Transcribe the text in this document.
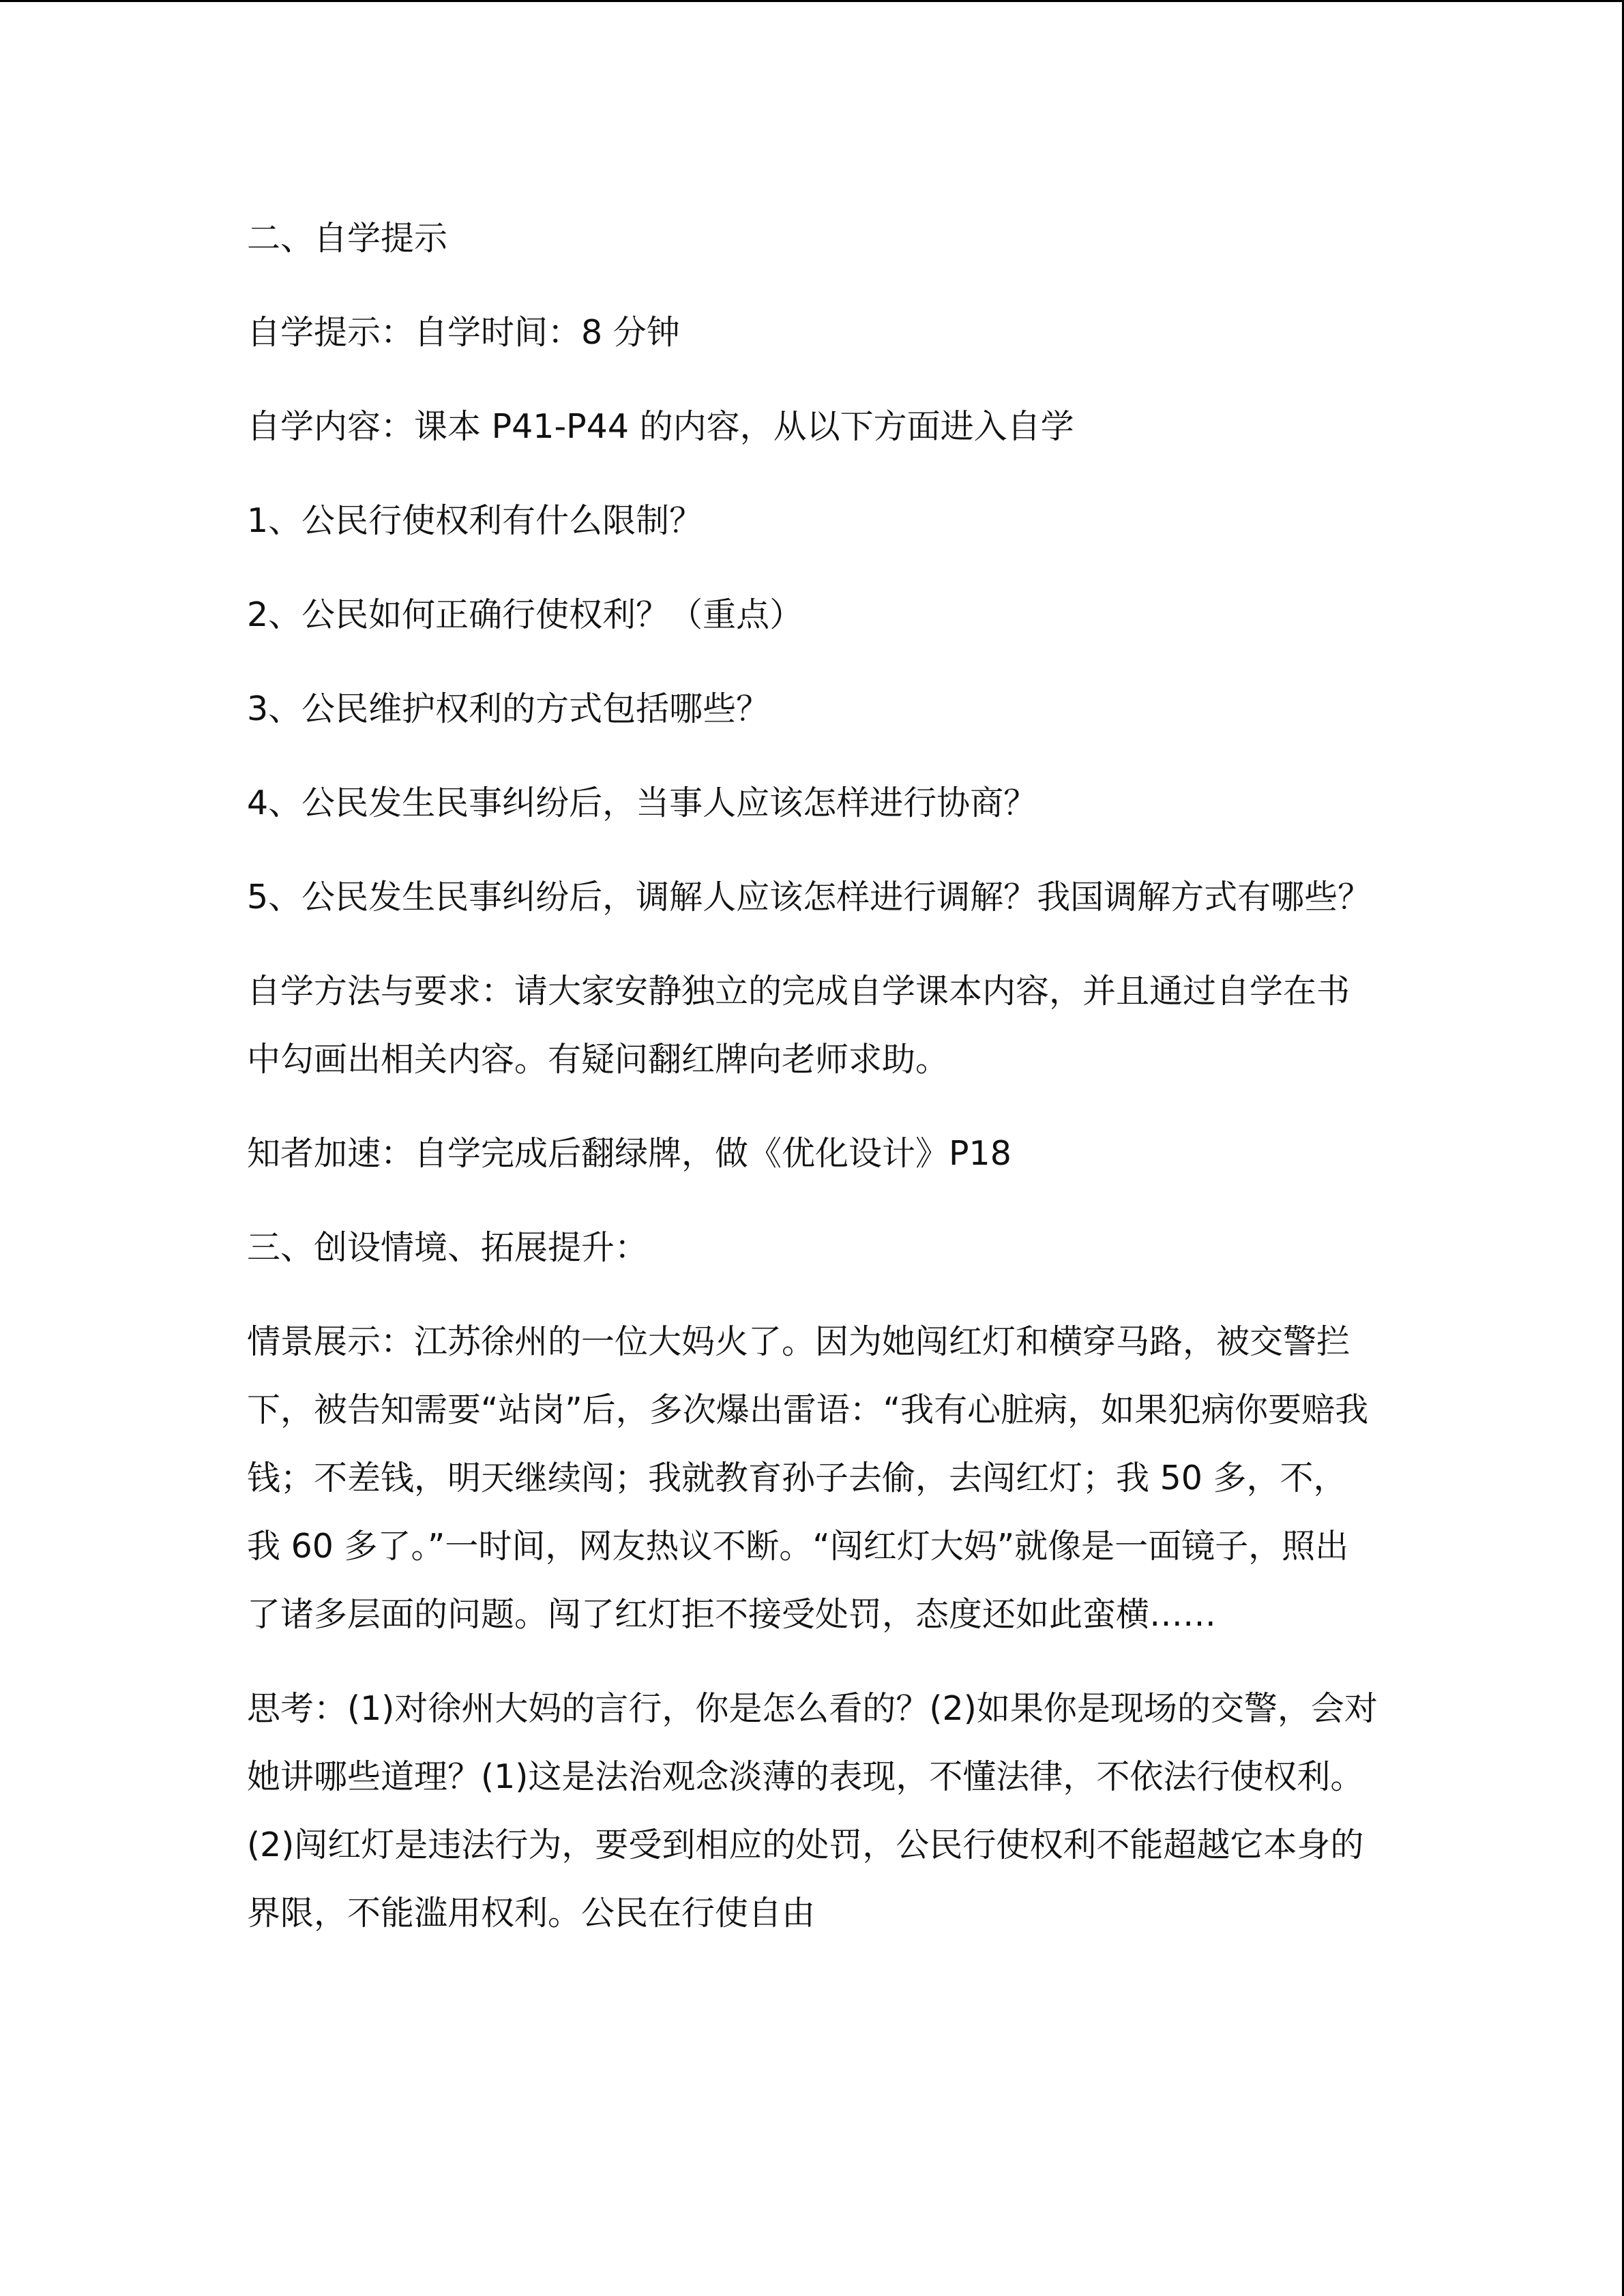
二、自学提示

自学提示：自学时间：8 分钟

自学内容：课本 P41-P44 的内容，从以下方面进入自学

1、公民行使权利有什么限制？

2、公民如何正确行使权利？（重点）

3、公民维护权利的方式包括哪些？

4、公民发生民事纠纷后，当事人应该怎样进行协商？

5、公民发生民事纠纷后，调解人应该怎样进行调解？我国调解方式有哪些？

自学方法与要求：请大家安静独立的完成自学课本内容，并且通过自学在书中勾画出相关内容。有疑问翻红牌向老师求助。

知者加速：自学完成后翻绿牌，做《优化设计》P18

三、创设情境、拓展提升：

情景展示：江苏徐州的一位大妈火了。因为她闯红灯和横穿马路，被交警拦下，被告知需要“站岗”后，多次爆出雷语：“我有心脏病，如果犯病你要赔我钱；不差钱，明天继续闯；我就教育孙子去偷，去闯红灯；我 50 多，不，我 60 多了。”一时间，网友热议不断。“闯红灯大妈”就像是一面镜子，照出了诸多层面的问题。闯了红灯拒不接受处罚，态度还如此蛮横……

思考：(1)对徐州大妈的言行，你是怎么看的？(2)如果你是现场的交警，会对她讲哪些道理？(1)这是法治观念淡薄的表现，不懂法律，不依法行使权利。(2)闯红灯是违法行为，要受到相应的处罚，公民行使权利不能超越它本身的界限，不能滥用权利。公民在行使自由
